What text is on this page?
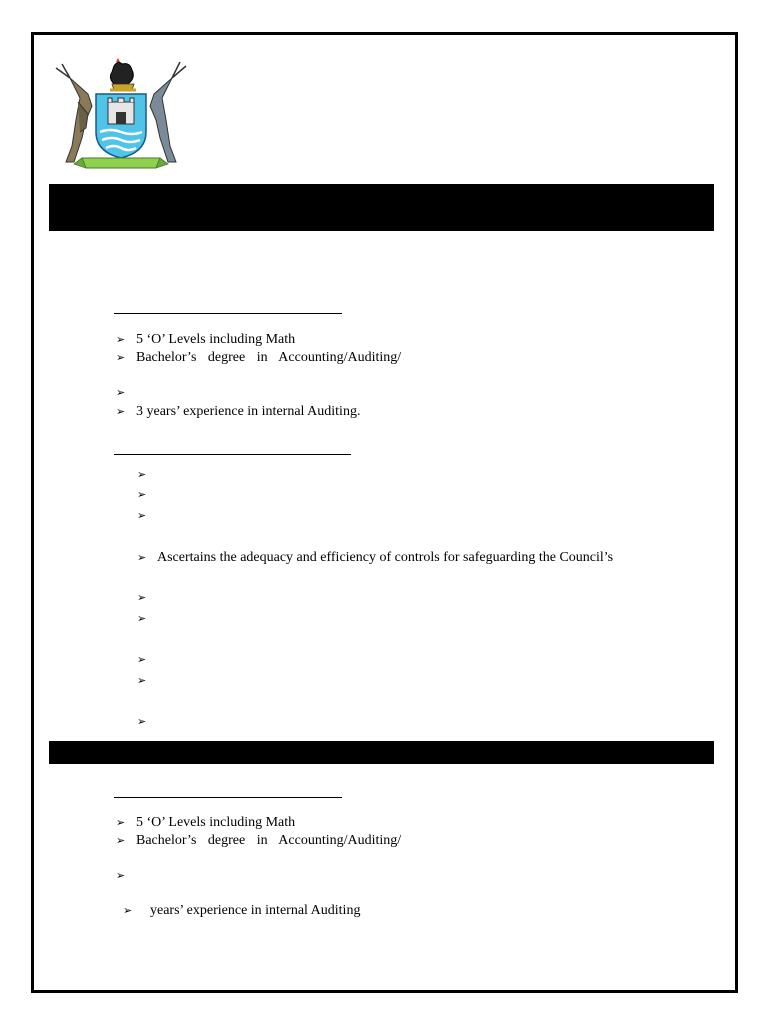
➢ 5 ‘O’ Levels including Math
➢ Bachelor’s degree in Accounting/Auditing/
➢
➢ 3 years’ experience in internal Auditing.
➢
➢
➢
➢ Ascertains the adequacy and efficiency of controls for safeguarding the Council’s
➢
➢
➢
➢
➢
➢ 5 ‘O’ Levels including Math
➢ Bachelor’s degree in Accounting/Auditing/
➢

➢  years’ experience in internal Auditing
